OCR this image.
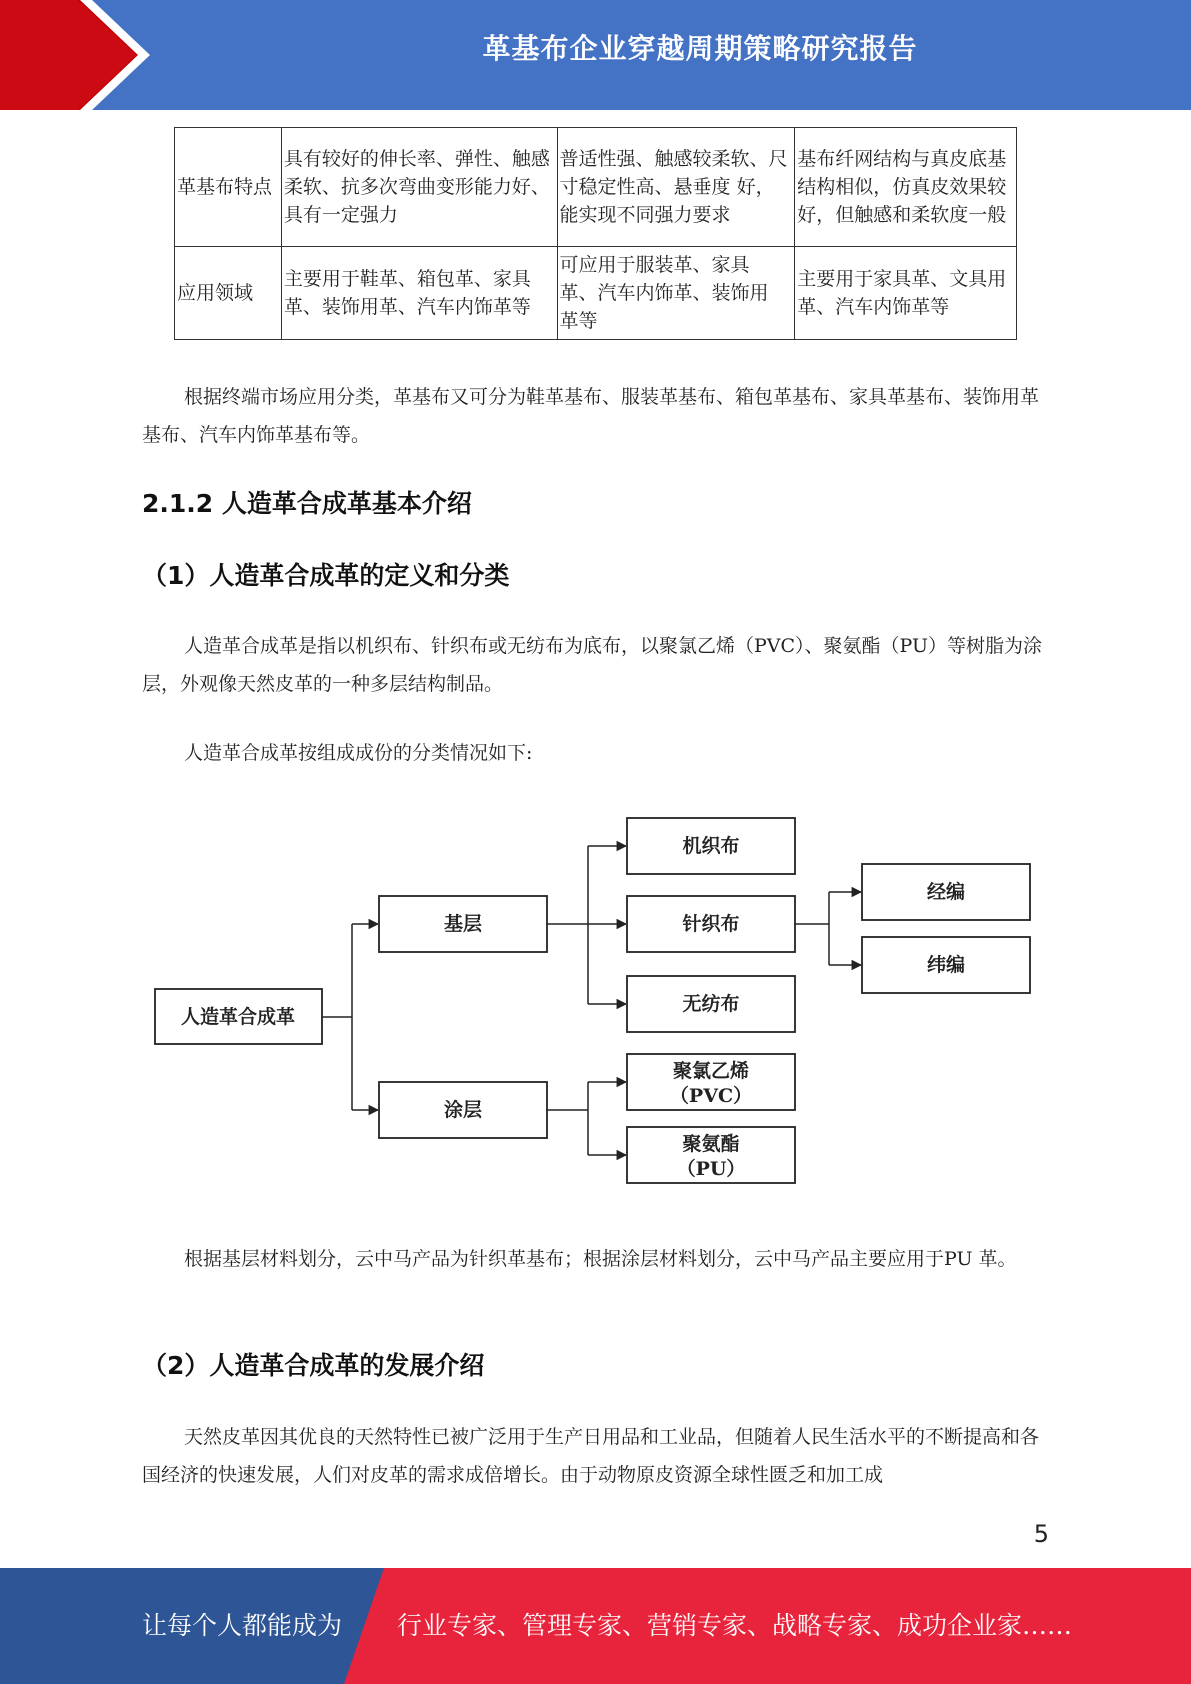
革基布企业穿越周期策略研究报告
革基布特点	具有较好的伸长率、弹性、触感柔软、抗多次弯曲变形能力好、具有一定强力	普适性强、触感较柔软、尺寸稳定性高、悬垂度 好，能实现不同强力要求	基布纤网结构与真皮底基结构相似，仿真皮效果较好，但触感和柔软度一般
应用领域	主要用于鞋革、箱包革、家具革、装饰用革、汽车内饰革等	可应用于服装革、家具 革、汽车内饰革、装饰用 革等	主要用于家具革、文具用革、汽车内饰革等

根据终端市场应用分类，革基布又可分为鞋革基布、服装革基布、箱包革基布、家具革基布、装饰用革基布、汽车内饰革基布等。

2.1.2 人造革合成革基本介绍
（1）人造革合成革的定义和分类

人造革合成革是指以机织布、针织布或无纺布为底布，以聚氯乙烯（PVC）、聚氨酯（PU）等树脂为涂层，外观像天然皮革的一种多层结构制品。

人造革合成革按组成成份的分类情况如下:

人造革合成革
基层
涂层
机织布
针织布
无纺布
经编
纬编
聚氯乙烯
（PVC）
聚氨酯
（PU）

根据基层材料划分，云中马产品为针织革基布；根据涂层材料划分，云中马产品主要应用于PU 革。

（2）人造革合成革的发展介绍

天然皮革因其优良的天然特性已被广泛用于生产日用品和工业品，但随着人民生活水平的不断提高和各国经济的快速发展，人们对皮革的需求成倍增长。由于动物原皮资源全球性匮乏和加工成

5
让每个人都能成为 行业专家、管理专家、营销专家、战略专家、成功企业家……
